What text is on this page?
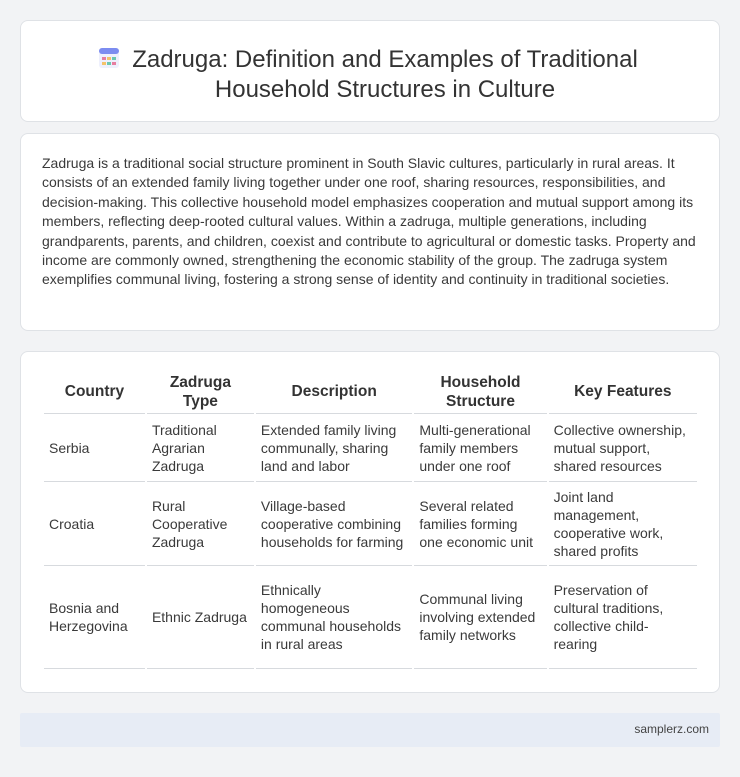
Zadruga: Definition and Examples of Traditional Household Structures in Culture

Zadruga is a traditional social structure prominent in South Slavic cultures, particularly in rural areas. It consists of an extended family living together under one roof, sharing resources, responsibilities, and decision-making. This collective household model emphasizes cooperation and mutual support among its members, reflecting deep-rooted cultural values. Within a zadruga, multiple generations, including grandparents, parents, and children, coexist and contribute to agricultural or domestic tasks. Property and income are commonly owned, strengthening the economic stability of the group. The zadruga system exemplifies communal living, fostering a strong sense of identity and continuity in traditional societies.

Country	Zadruga Type	Description	Household Structure	Key Features
Serbia	Traditional Agrarian Zadruga	Extended family living communally, sharing land and labor	Multi-generational family members under one roof	Collective ownership, mutual support, shared resources
Croatia	Rural Cooperative Zadruga	Village-based cooperative combining households for farming	Several related families forming one economic unit	Joint land management, cooperative work, shared profits
Bosnia and Herzegovina	Ethnic Zadruga	Ethnically homogeneous communal households in rural areas	Communal living involving extended family networks	Preservation of cultural traditions, collective child-rearing
samplerz.com
